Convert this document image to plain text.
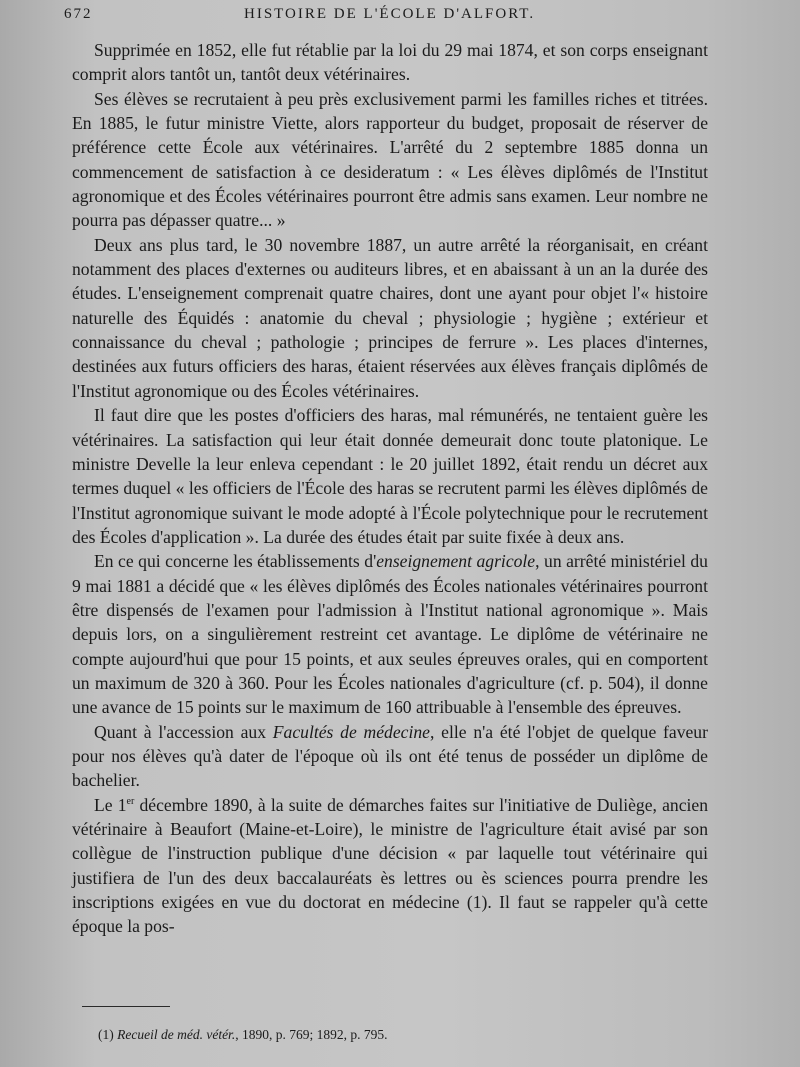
672	HISTOIRE DE L'ÉCOLE D'ALFORT.

Supprimée en 1852, elle fut rétablie par la loi du 29 mai 1874, et son corps enseignant comprit alors tantôt un, tantôt deux vétérinaires.

Ses élèves se recrutaient à peu près exclusivement parmi les familles riches et titrées. En 1885, le futur ministre Viette, alors rapporteur du budget, proposait de réserver de préférence cette École aux vétérinaires. L'arrêté du 2 septembre 1885 donna un commencement de satisfaction à ce desideratum : « Les élèves diplômés de l'Institut agronomique et des Écoles vétérinaires pourront être admis sans examen. Leur nombre ne pourra pas dépasser quatre... »

Deux ans plus tard, le 30 novembre 1887, un autre arrêté la réorganisait, en créant notamment des places d'externes ou auditeurs libres, et en abaissant à un an la durée des études. L'enseignement comprenait quatre chaires, dont une ayant pour objet l'« histoire naturelle des Équidés : anatomie du cheval ; physiologie ; hygiène ; extérieur et connaissance du cheval ; pathologie ; principes de ferrure ». Les places d'internes, destinées aux futurs officiers des haras, étaient réservées aux élèves français diplômés de l'Institut agronomique ou des Écoles vétérinaires.

Il faut dire que les postes d'officiers des haras, mal rémunérés, ne tentaient guère les vétérinaires. La satisfaction qui leur était donnée demeurait donc toute platonique. Le ministre Develle la leur enleva cependant : le 20 juillet 1892, était rendu un décret aux termes duquel « les officiers de l'École des haras se recrutent parmi les élèves diplômés de l'Institut agronomique suivant le mode adopté à l'École polytechnique pour le recrutement des Écoles d'application ». La durée des études était par suite fixée à deux ans.

En ce qui concerne les établissements d'enseignement agricole, un arrêté ministériel du 9 mai 1881 a décidé que « les élèves diplômés des Écoles nationales vétérinaires pourront être dispensés de l'examen pour l'admission à l'Institut national agronomique ». Mais depuis lors, on a singulièrement restreint cet avantage. Le diplôme de vétérinaire ne compte aujourd'hui que pour 15 points, et aux seules épreuves orales, qui en comportent un maximum de 320 à 360. Pour les Écoles nationales d'agriculture (cf. p. 504), il donne une avance de 15 points sur le maximum de 160 attribuable à l'ensemble des épreuves.

Quant à l'accession aux Facultés de médecine, elle n'a été l'objet de quelque faveur pour nos élèves qu'à dater de l'époque où ils ont été tenus de posséder un diplôme de bachelier.

Le 1er décembre 1890, à la suite de démarches faites sur l'initiative de Duliège, ancien vétérinaire à Beaufort (Maine-et-Loire), le ministre de l'agriculture était avisé par son collègue de l'instruction publique d'une décision « par laquelle tout vétérinaire qui justifiera de l'un des deux baccalauréats ès lettres ou ès sciences pourra prendre les inscriptions exigées en vue du doctorat en médecine (1). Il faut se rappeler qu'à cette époque la pos-

(1) Recueil de méd. vétér., 1890, p. 769; 1892, p. 795.
